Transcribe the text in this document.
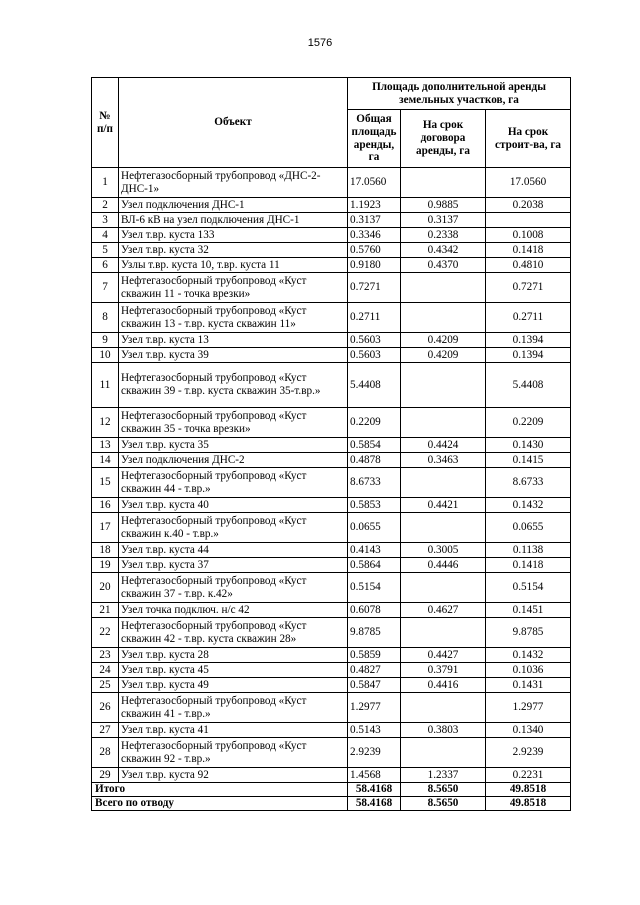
1576
№ п/п	Объект	Площадь дополнительной аренды земельных участков, га		
		Общая площадь аренды, га	На срок договора аренды, га	На срок строит-ва, га
1	Нефтегазосборный трубопровод «ДНС-2-ДНС-1»	17.0560		17.0560
2	Узел подключения ДНС-1	1.1923	0.9885	0.2038
3	ВЛ-6 кВ на узел подключения ДНС-1	0.3137	0.3137	
4	Узел т.вр. куста 133	0.3346	0.2338	0.1008
5	Узел т.вр. куста 32	0.5760	0.4342	0.1418
6	Узлы т.вр. куста 10, т.вр. куста 11	0.9180	0.4370	0.4810
7	Нефтегазосборный трубопровод «Куст скважин 11 - точка врезки»	0.7271		0.7271
8	Нефтегазосборный трубопровод «Куст скважин 13 - т.вр. куста скважин 11»	0.2711		0.2711
9	Узел т.вр. куста 13	0.5603	0.4209	0.1394
10	Узел т.вр. куста 39	0.5603	0.4209	0.1394
11	Нефтегазосборный трубопровод «Куст скважин 39 - т.вр. куста скважин 35-т.вр.»	5.4408		5.4408
12	Нефтегазосборный трубопровод «Куст скважин 35 - точка врезки»	0.2209		0.2209
13	Узел т.вр. куста 35	0.5854	0.4424	0.1430
14	Узел подключения ДНС-2	0.4878	0.3463	0.1415
15	Нефтегазосборный трубопровод «Куст скважин 44 - т.вр.»	8.6733		8.6733
16	Узел т.вр. куста 40	0.5853	0.4421	0.1432
17	Нефтегазосборный трубопровод «Куст скважин к.40 - т.вр.»	0.0655		0.0655
18	Узел т.вр. куста 44	0.4143	0.3005	0.1138
19	Узел т.вр. куста 37	0.5864	0.4446	0.1418
20	Нефтегазосборный трубопровод «Куст скважин 37 - т.вр. к.42»	0.5154		0.5154
21	Узел точка подключ. н/с 42	0.6078	0.4627	0.1451
22	Нефтегазосборный трубопровод «Куст скважин 42 - т.вр. куста скважин 28»	9.8785		9.8785
23	Узел т.вр. куста 28	0.5859	0.4427	0.1432
24	Узел т.вр. куста 45	0.4827	0.3791	0.1036
25	Узел т.вр. куста 49	0.5847	0.4416	0.1431
26	Нефтегазосборный трубопровод «Куст скважин 41 - т.вр.»	1.2977		1.2977
27	Узел т.вр. куста 41	0.5143	0.3803	0.1340
28	Нефтегазосборный трубопровод «Куст скважин 92 - т.вр.»	2.9239		2.9239
29	Узел т.вр. куста 92	1.4568	1.2337	0.2231
Итого		58.4168	8.5650	49.8518
Всего по отводу		58.4168	8.5650	49.8518
